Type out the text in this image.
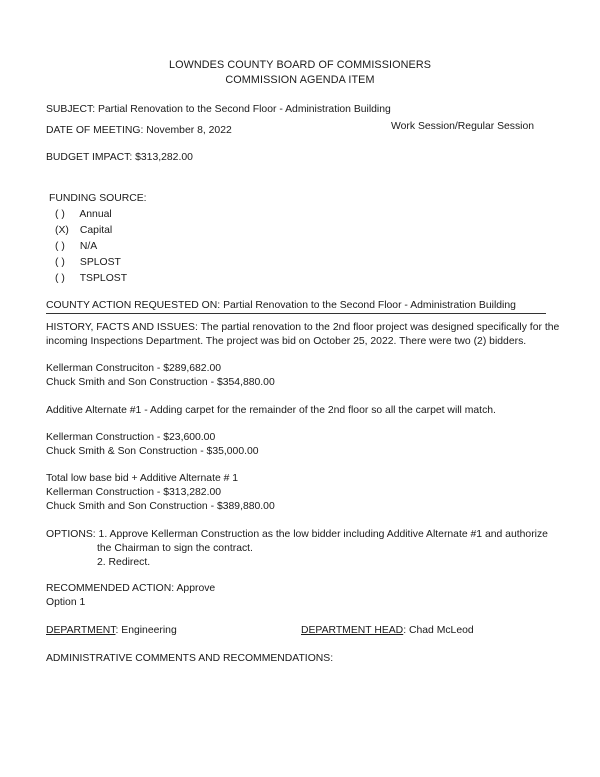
LOWNDES COUNTY BOARD OF COMMISSIONERS
COMMISSION AGENDA ITEM
SUBJECT: Partial Renovation to the Second Floor - Administration Building
DATE OF MEETING: November 8, 2022	Work Session/Regular Session
BUDGET IMPACT: $313,282.00
FUNDING SOURCE:
( ) Annual
(X) Capital
( ) N/A
( ) SPLOST
( ) TSPLOST
COUNTY ACTION REQUESTED ON: Partial Renovation to the Second Floor - Administration Building
HISTORY, FACTS AND ISSUES: The partial renovation to the 2nd floor project was designed specifically for the
incoming Inspections Department. The project was bid on October 25, 2022. There were two (2) bidders.
Kellerman Construciton - $289,682.00
Chuck Smith and Son Construction - $354,880.00
Additive Alternate #1 - Adding carpet for the remainder of the 2nd floor so all the carpet will match.
Kellerman Construction - $23,600.00
Chuck Smith & Son Construction - $35,000.00
Total low base bid + Additive Alternate # 1
Kellerman Construction - $313,282.00
Chuck Smith and Son Construction - $389,880.00
OPTIONS: 1. Approve Kellerman Construction as the low bidder including Additive Alternate #1 and authorize
the Chairman to sign the contract.
2. Redirect.
RECOMMENDED ACTION: Approve
Option 1
DEPARTMENT: Engineering	DEPARTMENT HEAD: Chad McLeod
ADMINISTRATIVE COMMENTS AND RECOMMENDATIONS:
